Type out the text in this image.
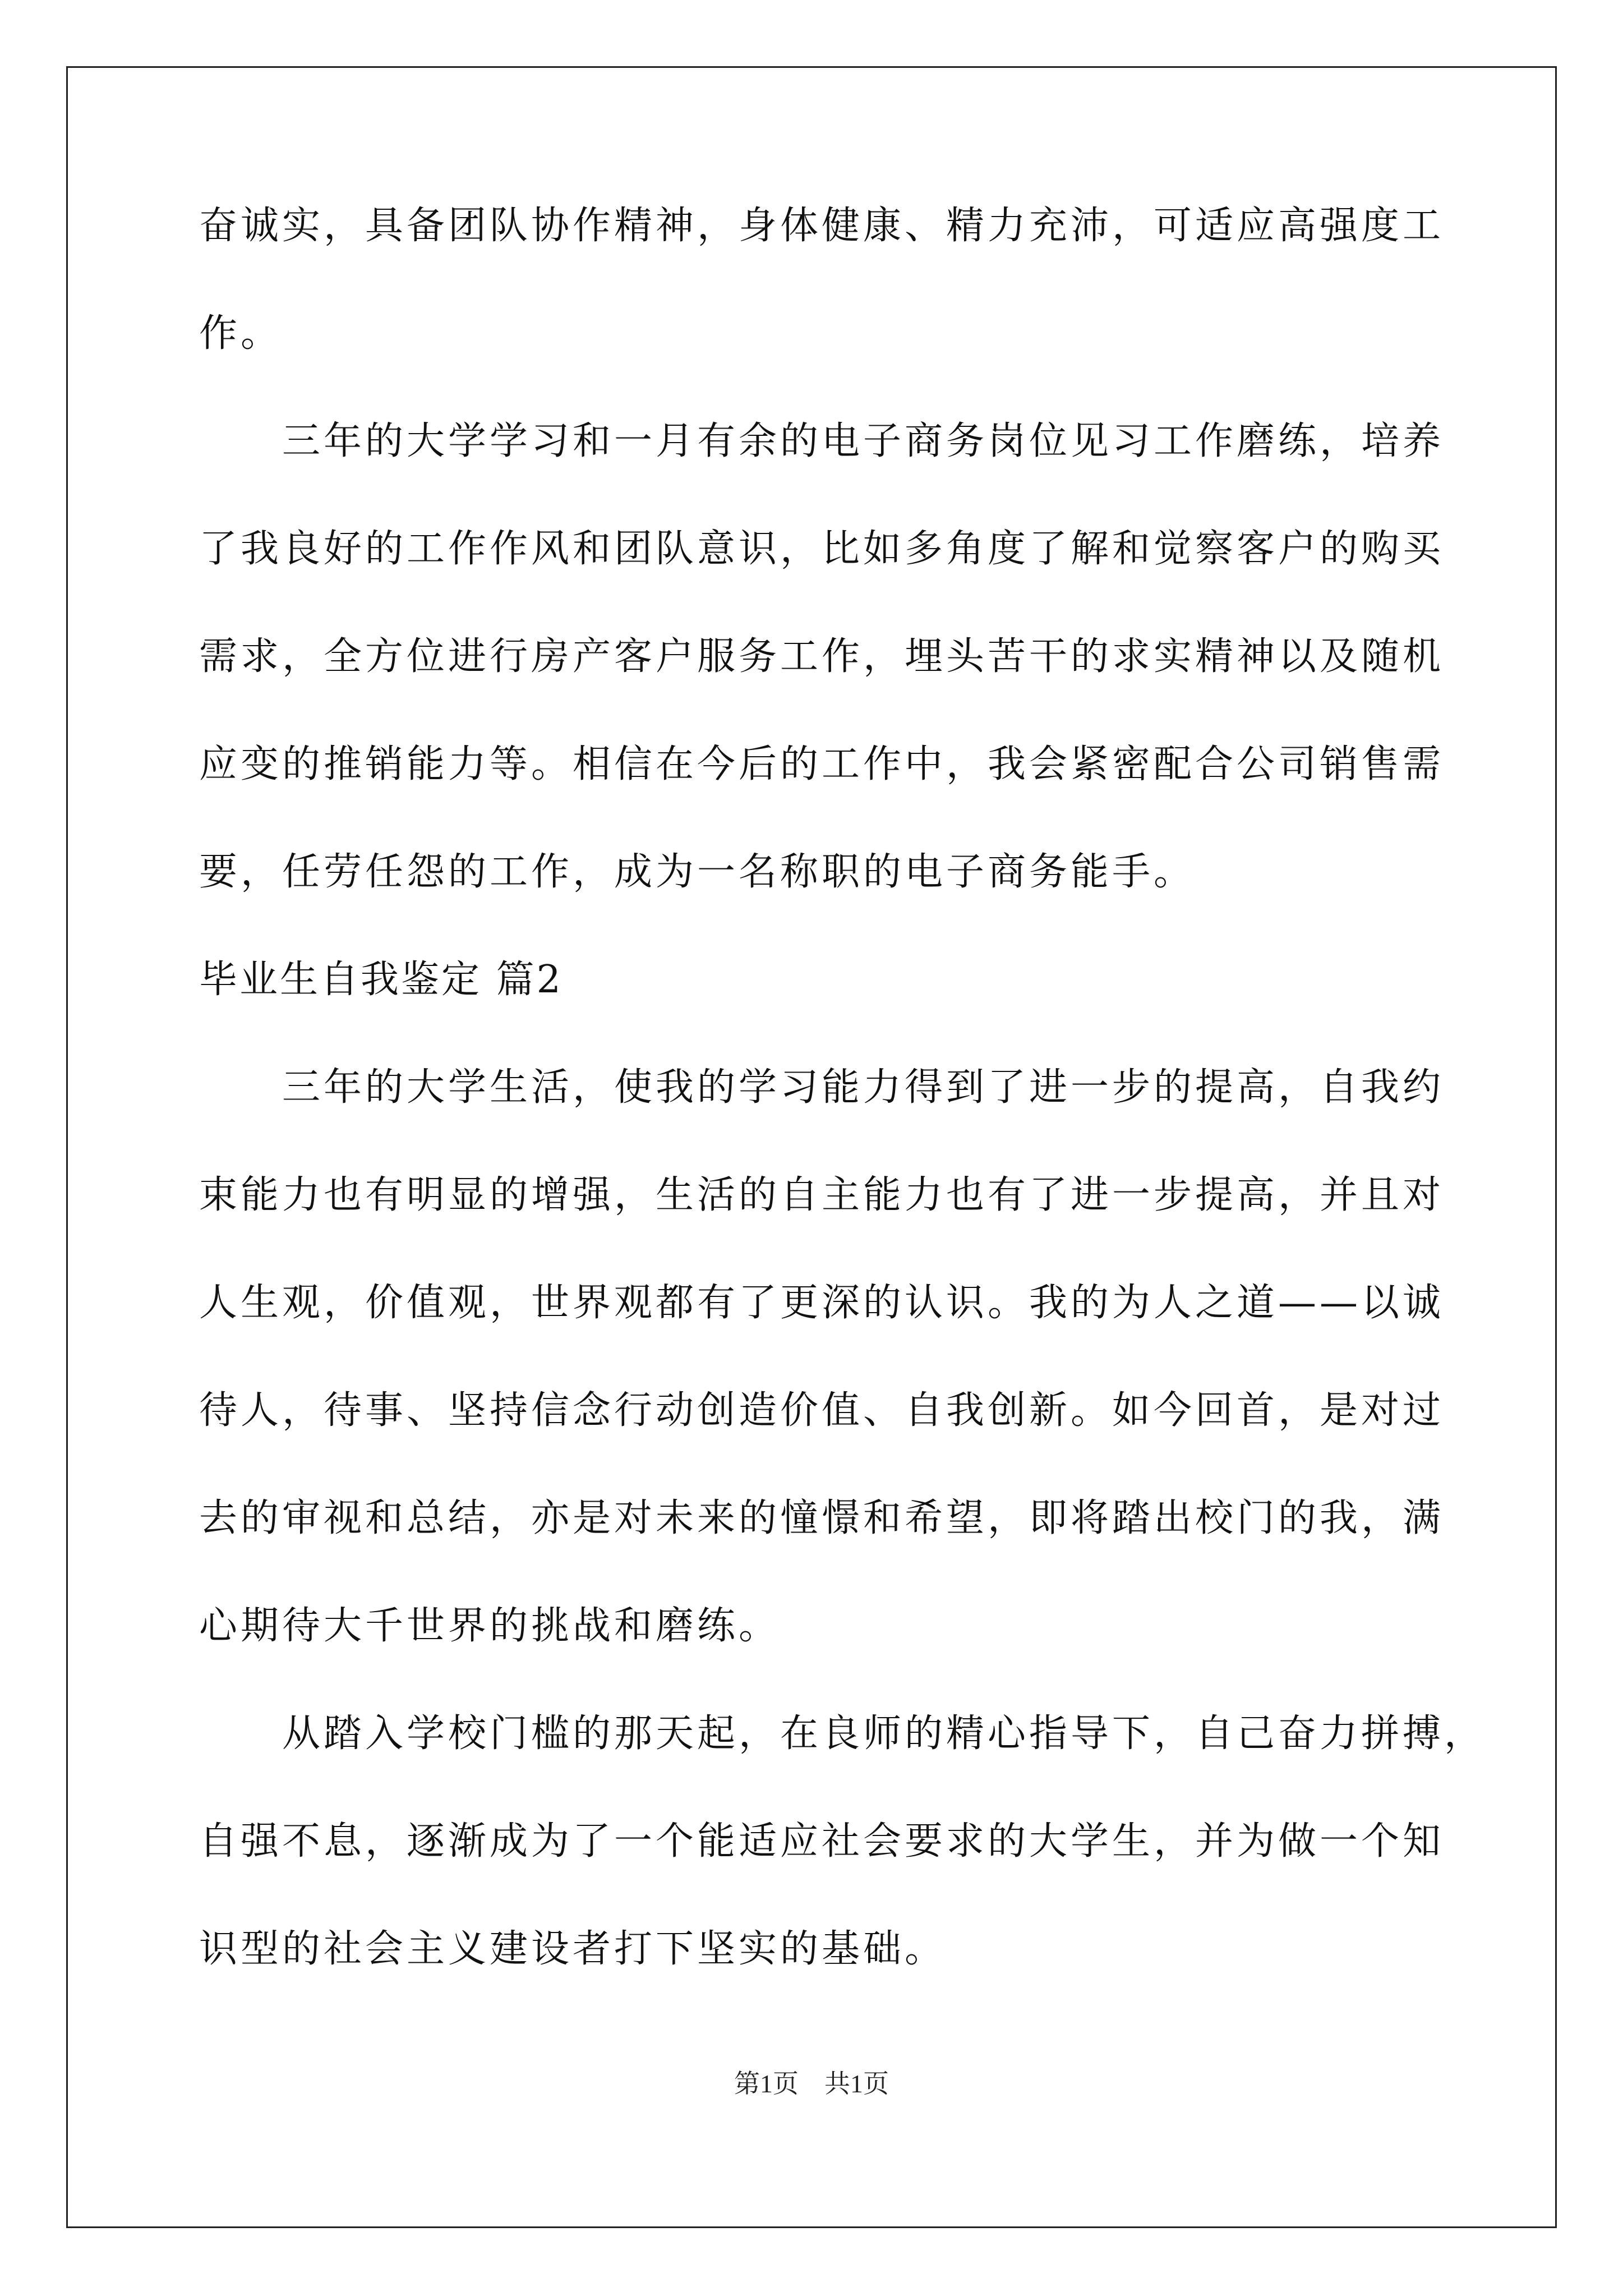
奋诚实，具备团队协作精神，身体健康、精力充沛，可适应高强度工
作。
　　三年的大学学习和一月有余的电子商务岗位见习工作磨练，培养
了我良好的工作作风和团队意识，比如多角度了解和觉察客户的购买
需求，全方位进行房产客户服务工作，埋头苦干的求实精神以及随机
应变的推销能力等。相信在今后的工作中，我会紧密配合公司销售需
要，任劳任怨的工作，成为一名称职的电子商务能手。
毕业生自我鉴定 篇2
　　三年的大学生活，使我的学习能力得到了进一步的提高，自我约
束能力也有明显的增强，生活的自主能力也有了进一步提高，并且对
人生观，价值观，世界观都有了更深的认识。我的为人之道——以诚
待人，待事、坚持信念行动创造价值、自我创新。如今回首，是对过
去的审视和总结，亦是对未来的憧憬和希望，即将踏出校门的我，满
心期待大千世界的挑战和磨练。
　　从踏入学校门槛的那天起，在良师的精心指导下，自己奋力拼搏，
自强不息，逐渐成为了一个能适应社会要求的大学生，并为做一个知
识型的社会主义建设者打下坚实的基础。
第1页　共1页
